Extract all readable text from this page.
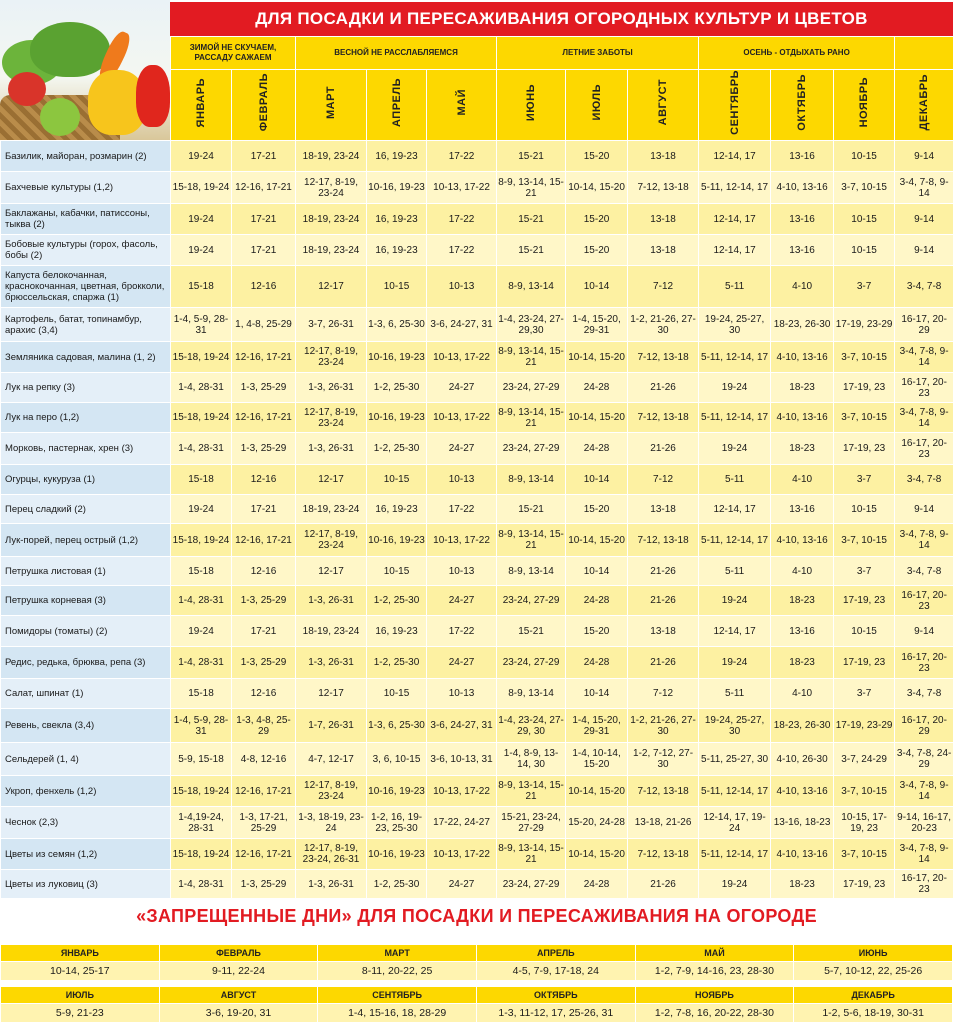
ДЛЯ ПОСАДКИ И ПЕРЕСАЖИВАНИЯ ОГОРОДНЫХ КУЛЬТУР И ЦВЕТОВ
	ЗИМОЙ НЕ СКУЧАЕМ, РАССАДУ САЖАЕМ		ВЕСНОЙ НЕ РАССЛАБЛЯЕМСЯ			ЛЕТНИЕ ЗАБОТЫ			ОСЕНЬ - ОТДЫХАТЬ РАНО			
	ЯНВАРЬ	ФЕВРАЛЬ	МАРТ	АПРЕЛЬ	МАЙ	ИЮНЬ	ИЮЛЬ	АВГУСТ	СЕНТЯБРЬ	ОКТЯБРЬ	НОЯБРЬ	ДЕКАБРЬ
Базилик, майоран, розмарин (2)	19-24	17-21	18-19, 23-24	16, 19-23	17-22	15-21	15-20	13-18	12-14, 17	13-16	10-15	9-14
Бахчевые культуры (1,2)	15-18, 19-24	12-16, 17-21	12-17, 8-19, 23-24	10-16, 19-23	10-13, 17-22	8-9, 13-14, 15-21	10-14, 15-20	7-12, 13-18	5-11, 12-14, 17	4-10, 13-16	3-7, 10-15	3-4, 7-8, 9-14
Баклажаны, кабачки, патиссоны, тыква (2)	19-24	17-21	18-19, 23-24	16, 19-23	17-22	15-21	15-20	13-18	12-14, 17	13-16	10-15	9-14
Бобовые культуры (горох, фасоль, бобы (2)	19-24	17-21	18-19, 23-24	16, 19-23	17-22	15-21	15-20	13-18	12-14, 17	13-16	10-15	9-14
Капуста белокочанная, краснокочанная, цветная, брокколи, брюссельская, спаржа (1)	15-18	12-16	12-17	10-15	10-13	8-9, 13-14	10-14	7-12	5-11	4-10	3-7	3-4, 7-8
Картофель, батат, топинамбур, арахис (3,4)	1-4, 5-9, 28-31	1, 4-8, 25-29	3-7, 26-31	1-3, 6, 25-30	3-6, 24-27, 31	1-4, 23-24, 27-29,30	1-4, 15-20, 29-31	1-2, 21-26, 27-30	19-24, 25-27, 30	18-23, 26-30	17-19, 23-29	16-17, 20-29
Земляника садовая, малина (1, 2)	15-18, 19-24	12-16, 17-21	12-17, 8-19, 23-24	10-16, 19-23	10-13, 17-22	8-9, 13-14, 15-21	10-14, 15-20	7-12, 13-18	5-11, 12-14, 17	4-10, 13-16	3-7, 10-15	3-4, 7-8, 9-14
Лук на репку (3)	1-4, 28-31	1-3, 25-29	1-3, 26-31	1-2, 25-30	24-27	23-24, 27-29	24-28	21-26	19-24	18-23	17-19, 23	16-17, 20-23
Лук на перо (1,2)	15-18, 19-24	12-16, 17-21	12-17, 8-19, 23-24	10-16, 19-23	10-13, 17-22	8-9, 13-14, 15-21	10-14, 15-20	7-12, 13-18	5-11, 12-14, 17	4-10, 13-16	3-7, 10-15	3-4, 7-8, 9-14
Морковь, пастернак, хрен (3)	1-4, 28-31	1-3, 25-29	1-3, 26-31	1-2, 25-30	24-27	23-24, 27-29	24-28	21-26	19-24	18-23	17-19, 23	16-17, 20-23
Огурцы, кукуруза (1)	15-18	12-16	12-17	10-15	10-13	8-9, 13-14	10-14	7-12	5-11	4-10	3-7	3-4, 7-8
Перец сладкий (2)	19-24	17-21	18-19, 23-24	16, 19-23	17-22	15-21	15-20	13-18	12-14, 17	13-16	10-15	9-14
Лук-порей, перец острый (1,2)	15-18, 19-24	12-16, 17-21	12-17, 8-19, 23-24	10-16, 19-23	10-13, 17-22	8-9, 13-14, 15-21	10-14, 15-20	7-12, 13-18	5-11, 12-14, 17	4-10, 13-16	3-7, 10-15	3-4, 7-8, 9-14
Петрушка листовая (1)	15-18	12-16	12-17	10-15	10-13	8-9, 13-14	10-14	21-26	5-11	4-10	3-7	3-4, 7-8
Петрушка корневая (3)	1-4, 28-31	1-3, 25-29	1-3, 26-31	1-2, 25-30	24-27	23-24, 27-29	24-28	21-26	19-24	18-23	17-19, 23	16-17, 20-23
Помидоры (томаты) (2)	19-24	17-21	18-19, 23-24	16, 19-23	17-22	15-21	15-20	13-18	12-14, 17	13-16	10-15	9-14
Редис, редька, брюква, репа (3)	1-4, 28-31	1-3, 25-29	1-3, 26-31	1-2, 25-30	24-27	23-24, 27-29	24-28	21-26	19-24	18-23	17-19, 23	16-17, 20-23
Салат, шпинат (1)	15-18	12-16	12-17	10-15	10-13	8-9, 13-14	10-14	7-12	5-11	4-10	3-7	3-4, 7-8
Ревень, свекла (3,4)	1-4, 5-9, 28-31	1-3, 4-8, 25-29	1-7, 26-31	1-3, 6, 25-30	3-6, 24-27, 31	1-4, 23-24, 27-29, 30	1-4, 15-20, 29-31	1-2, 21-26, 27-30	19-24, 25-27, 30	18-23, 26-30	17-19, 23-29	16-17, 20-29
Сельдерей (1, 4)	5-9, 15-18	4-8, 12-16	4-7, 12-17	3, 6, 10-15	3-6, 10-13, 31	1-4, 8-9, 13-14, 30	1-4, 10-14, 15-20	1-2, 7-12, 27-30	5-11, 25-27, 30	4-10, 26-30	3-7, 24-29	3-4, 7-8, 24-29
Укроп, фенхель (1,2)	15-18, 19-24	12-16, 17-21	12-17, 8-19, 23-24	10-16, 19-23	10-13, 17-22	8-9, 13-14, 15-21	10-14, 15-20	7-12, 13-18	5-11, 12-14, 17	4-10, 13-16	3-7, 10-15	3-4, 7-8, 9-14
Чеснок (2,3)	1-4,19-24, 28-31	1-3, 17-21, 25-29	1-3, 18-19, 23-24	1-2, 16, 19-23, 25-30	17-22, 24-27	15-21, 23-24, 27-29	15-20, 24-28	13-18, 21-26	12-14, 17, 19-24	13-16, 18-23	10-15, 17-19, 23	9-14, 16-17, 20-23
Цветы из семян (1,2)	15-18, 19-24	12-16, 17-21	12-17, 8-19, 23-24, 26-31	10-16, 19-23	10-13, 17-22	8-9, 13-14, 15-21	10-14, 15-20	7-12, 13-18	5-11, 12-14, 17	4-10, 13-16	3-7, 10-15	3-4, 7-8, 9-14
Цветы из луковиц (3)	1-4, 28-31	1-3, 25-29	1-3, 26-31	1-2, 25-30	24-27	23-24, 27-29	24-28	21-26	19-24	18-23	17-19, 23	16-17, 20-23
«ЗАПРЕЩЕННЫЕ ДНИ» ДЛЯ ПОСАДКИ И ПЕРЕСАЖИВАНИЯ НА ОГОРОДЕ
ЯНВАРЬ	ФЕВРАЛЬ	МАРТ	АПРЕЛЬ	МАЙ	ИЮНЬ
10-14, 25-17	9-11, 22-24	8-11, 20-22, 25	4-5, 7-9, 17-18, 24	1-2, 7-9, 14-16, 23, 28-30	5-7, 10-12, 22, 25-26
ИЮЛЬ	АВГУСТ	СЕНТЯБРЬ	ОКТЯБРЬ	НОЯБРЬ	ДЕКАБРЬ
5-9, 21-23	3-6, 19-20, 31	1-4, 15-16, 18, 28-29	1-3, 11-12, 17, 25-26, 31	1-2, 7-8, 16, 20-22, 28-30	1-2, 5-6, 18-19, 30-31
